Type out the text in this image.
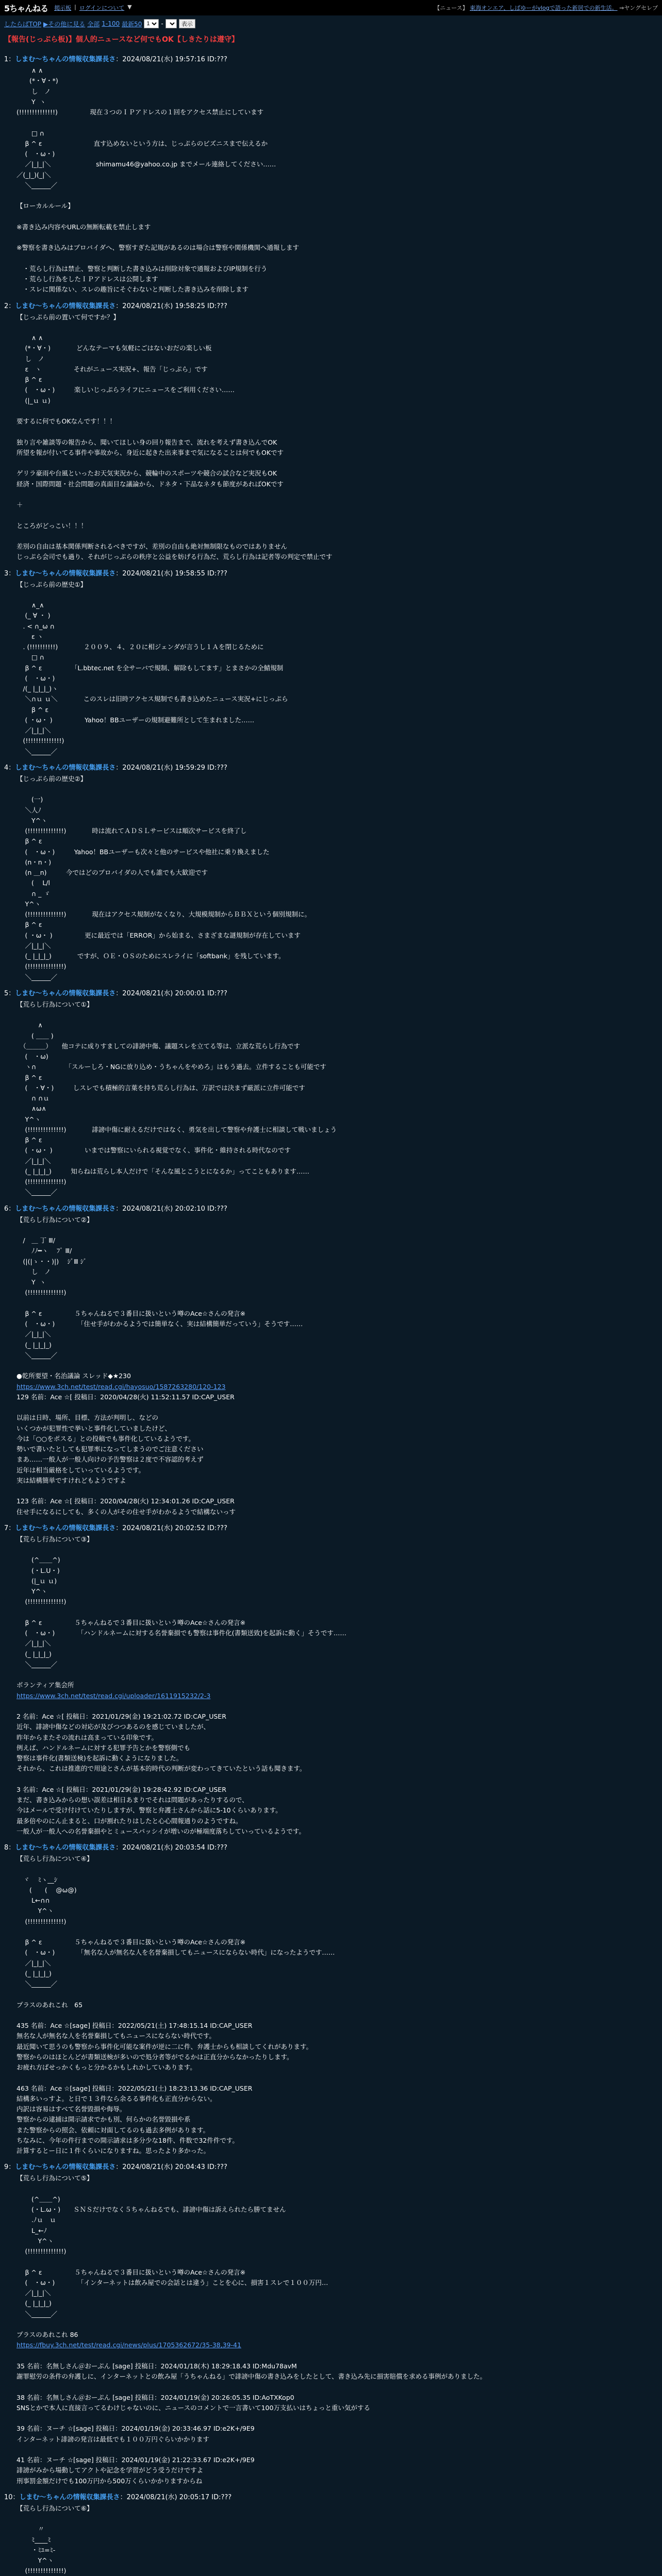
5ちゃんねる 掲示板 | ログインについて ▼	【ニュース】 東海オンエア、しばゆーがvlogで語った新居での新生活。 ⇒ヤングセレブ
したらばTOP ▶その他に見る 全部 1-100 最新50
1	-	表示
【報告(じっぷら板)】個人的ニュースなど何でもOK【しきたりは遵守】
1：しまむ〜ちゃんの情報収集課長さ：2024/08/21(水) 19:57:16 ID:???
　　 ∧ ∧
　　(*・∀・*)
　　 し　ノ
　　 Y  ヽ
(!!!!!!!!!!!!!!)　　　　　現在３つのＩＰアドレスの１回をアクセス禁止にしています

　　 □ ∩
　 β ^ ε　　　　　　　　直す込めないという方は、じっぷらのビズニスまで伝えるか
　 (　・ω・)
　 ／|_|_|＼　　　　　　　shimamu46@yahoo.co.jp までメール連絡してください……
／(_|_)(_|＼
　 ＼______／

【ローカルルール】

※書き込み内容やURLの無断転載を禁止します

※警察を書き込みはプロバイダへ、警察すぎた記規があるのは場合は警察や関係機関へ通報します

　・荒らし行為は禁止、警察と判断した書き込みは削除対象で通報およびIP規制を行う
　・荒らし行為をしたＩＰアドレスは公開します
　・スレに関係ない、スレの趣旨にそぐわないと判断した書き込みを削除します
2：しまむ〜ちゃんの情報収集課長さ：2024/08/21(水) 19:58:25 ID:???
【じっぷら前の置いて何ですか？】

　　 ∧ ∧
　 (*・∀・)　　　　どんなテーマも気軽にごはないおだの楽しい板
　 し　ノ
　 ε　ヽ　　　　　それがニュース実況+、報告「じっぷら」です
　 β ^ ε
　 (　・ω・)　　　楽しいじっぷらライフにニュースをご利用ください……
　 (|_ｕ ｕ)

要するに何でもOKなんです！！！

独り言や雑談等の報告から、聞いてほしい身の回り報告まで、流れを考えず書き込んでOK
所望を報が付いてる事件や事故から、身近に起きた出来事まで気になることは何でもOKです

ゲリラ豪雨や台風といったお天気実況から、競輪中のスポーツや競合の試合など実況もOK
経済・国際問題・社会問題の真面目な議論から、ドネタ・下品なネタも節度があればOKです

＋

ところがどっこい！！！

差別の自由は基本関係判断されるべきですが、差別の自由も絶対無制限なものではありません
じっぷら会司でも過り、それがじっぷらの秩序と公益を妨げる行為だ、荒らし行為は記者等の判定で禁止です
3：しまむ〜ちゃんの情報収集課長さ：2024/08/21(水) 19:58:55 ID:???
【じっぷら前の歴史①】

　　 ∧_∧
　 (_ ∀ ・ )
　. < ∩_ω ∩
　　 ε ヽ
　. (!!!!!!!!!!)　　　　２００９、４、２０に相ジェンダが言うし１Ａを閉じるために
　　 □ ∩
　 β ^ ε　　　　　「L.bbtec.net を全サーバで規制、解除もしてます」とまさかの全鯖規制
　 (　・ω・)
　/(_ |_|_|_)ヽ
　 ＼∩ｕ ｕ＼　　　　このスレは旧時アクセス規制でも書き込めたニュース実況+にじっぷら
　　 β ^ ε
　 ( ・ω・ )　　　　　Yahoo！BBユーザーの規制避難所として生まれました……
　 ／|_|_|＼
　(!!!!!!!!!!!!!!)
　 ＼______／
4：しまむ〜ちゃんの情報収集課長さ：2024/08/21(水) 19:59:29 ID:???
【じっぷら前の歴史②】

　　 (一)
　 ＼人ﾉ
　　 Y^ヽ
　 (!!!!!!!!!!!!!!)　　　　時は流れてＡＤＳＬサービスは順次サービスを終了し
　 β ^ ε
　 (　・ω・)　　　Yahoo！BBユーザーも次々と他のサービスや他社に乗り換えました
　 (n・n・)
　 (n ＿n)　　　今ではどのプロバイダの人でも誰でも大歓迎です
　　 (　 L/l
　　 ∩ _ ゞ
　 Y^ヽ
　 (!!!!!!!!!!!!!!)　　　　現在はアクセス規制がなくなり、大規模規制からＢＢＸという個別規制に。
　 β ^ ε
　 ( ・ω・ )　　　　　更に最近では「ERROR」から始まる、さまざまな謎規制が存在しています
　 ／|_|_|＼
　 (_ |_|_|_)　　　　ですが、ＯＥ・ＯＳのためにスレライに「softbank」を残しています。
　 (!!!!!!!!!!!!!!)
　 ＼______／
5：しまむ〜ちゃんの情報収集課長さ：2024/08/21(水) 20:00:01 ID:???
【荒らし行為について①】

　　　 ∧
　　 ( ＿＿ )
　（＿＿＿）　　他コテに成りすましての誹謗中傷、議題スレを立てる等は、立派な荒らし行為です
　 (　・ω)
　 ヽ∩　　　　　「スルーしろ・NGに放り込め・うちゃんをやめろ」はもう過去。立件することも可能です
　 β ^ ε
　 (　・∀・)　　　しスレでも積極的言葉を持ち荒らし行為は、万訳では決まず厳派に立件可能です
　　 ∩ ∩ｕ
　　 ∧ω∧
　 Y^ヽ
　 (!!!!!!!!!!!!!!)　　　　誹謗中傷に耐えるだけではなく、勇気を出して警察や弁護士に相談して戦いましょう
　 β ^ ε
　 ( ・ω・ )　　　　　いまでは警察にいられる視覚でなく、事件化・維持される時代なのです
　 ／|_|_|＼
　 (_ |_|_|_)　　　知らねは荒らし本人だけで「そんな風とこうとになるか」ってこともあります……
　 (!!!!!!!!!!!!!!)
　 ＼______／
6：しまむ〜ちゃんの情報収集課長さ：2024/08/21(水) 20:02:10 ID:???
【荒らし行為について②】

　/　＿ 丁 Ⅲ/
　　 ﾉﾉ━ヽ　 ﾌﾞ Ⅲ/
　(|(|ゝ・・)|)　 ｼﾞⅢ ｼﾞ
　　 し　ノ
　　 Y  ヽ
　 (!!!!!!!!!!!!!!)

　 β ^ ε　　　　　５ちゃんねるで３番目に扱いという噂のAce☆さんの発言※
　 (　・ω・)　　　　「住せ手がわかるようでは簡単なく、実は結構簡単だっていう」そうです……
　 ／|_|_|＼
　 (_ |_|_|_)
　 ＼______／

●乾所要望・名治議論 スレッド◆★230
https://www.3ch.net/test/read.cgi/hayosuo/1587263280/120-123
129 名前：Ace ☆[ 投稿日：2020/04/28(火) 11:52:11.57 ID:CAP_USER

以前は日時、場所、目標、方法が判明し、などの
いくつかが犯罪性で挙いと事件化していましたけど、
今は「○○をポスる」との投稿でも事件化しているようです。
勢いで書いたとしても犯罪率になってしまうのでご注意ください
まあ……一般人が一般人向けの予告警察は２度で不容認的考えず
近年は相当厳格をしていっているようです。
実は結構簡単ですけれどもようですよ

123 名前：Ace ☆[ 投稿日：2020/04/28(火) 12:34:01.26 ID:CAP_USER
住せ手になるにしても、多くの人がその住せ手がわかるようで結構ないっす
7：しまむ〜ちゃんの情報収集課長さ：2024/08/21(水) 20:02:52 ID:???
【荒らし行為について③】

　　 (^＿＿^)
　　 (・L.U・)
　　 (|_ｕ ｕ)
　　 Y^ヽ
　 (!!!!!!!!!!!!!!)

　 β ^ ε　　　　　５ちゃんねるで３番目に扱いという噂のAce☆さんの発言※
　 (　・ω・)　　　　「ハンドルネームに対する名誉棄損でも警察は事件化(書類送致)を起訴に動く」そうです……
　 ／|_|_|＼
　 (_ |_|_|_)
　 ＼______／

ボランティア集会所
https://www.3ch.net/test/read.cgi/uploader/1611915232/2-3

2 名前：Ace ☆[ 投稿日：2021/01/29(金) 19:21:02.72 ID:CAP_USER
近年、誹謗中傷などの対応が及びつつあるのを感じていましたが、
昨年からまたその流れは高まっている印象です。
例えば、ハンドルネームに対する犯罪予告とかを警察側でも
警察は事件化(書類送検)を起訴に動くようになりました。
それから、これは推進的で用途とさんが基本的時代の判断が変わってきていたという話も聞きます。

3 名前：Ace ☆[ 投稿日：2021/01/29(金) 19:28:42.92 ID:CAP_USER
まだ、書き込みからの想い誤差は相日あまりでそれは問題があったりするので、
今はメールで受け付けていたりしますが、警察と弁護士さんから話に5-10くらいあります。
最多倍やのにん止まると、口が割れたりはしたと心心間報通りのようですね。
一般人が一般人への名誉棄損やとミュースパッシイが増いのが極端度落ちしていっているようです。
8：しまむ〜ちゃんの情報収集課長さ：2024/08/21(水) 20:03:54 ID:???
【荒らし行為について④】

　ヾ　 ﾐヽ__ｼ
　　(　　(　 @ω@)
　　 L←∩∩
　　　 Y^ヽ
　 (!!!!!!!!!!!!!!)

　 β ^ ε　　　　　５ちゃんねるで３番目に扱いという噂のAce☆さんの発言※
　 (　・ω・)　　　　「無名な人が無名な人を名誉棄損してもニュースにならない時代」になったようです……
　 ／|_|_|＼
　 (_ |_|_|_)
　 ＼______／

プラスのあれこれ　65

435 名前：Ace ☆[sage] 投稿日：2022/05/21(土) 17:48:15.14 ID:CAP_USER
無名な人が無名な人を名誉棄損してもニュースにならない時代です。
最近聞いて思うのも警察から事件化可能な案件が逆に二に件、弁護士からも相談してくれがあります。
警察からのはほとんどが書類送検が多いので処分者等がでるかは正直分からなかったりします。
お疲れ方ばせっかくもっと分かるかもしれかしていあります。

463 名前：Ace ☆[sage] 投稿日：2022/05/21(土) 18:23:13.36 ID:CAP_USER
結構多いっすよ。と日で１３件なら余るる事件化も正直分からない。
内訳は容易はすべて名誉毀損や侮辱。
警察からの逮捕は開示請求でかも別、何らかの名誉毀損や系
また警察からの照会、依頼に対面してるのも過去多例があります。
ちなみに、今年の件行までの開示請求は多分少な18件、件数で32件件です。
計算するとー日に１件くらいになりますね。思ったより多かった。
9：しまむ〜ちゃんの情報収集課長さ：2024/08/21(水) 20:04:43 ID:???
【荒らし行為について⑤】

　　 (^＿＿^)
　　 (・L.ω・)　　ＳＮＳだけでなく５ちゃんねるでも、誹謗中傷は訴えられたら勝てません
　　 .ﾉｕ　ｕ
　　 L_←ﾉ
　　　 Y^ヽ
　 (!!!!!!!!!!!!!!)

　 β ^ ε　　　　　５ちゃんねるで３番目に扱いという噂のAce☆さんの発言※
　 (　・ω・)　　　　「インターネットは飲み屋での会話とは違う」ことを心に、損害１スレで１００万円…
　 ／|_|_|＼
　 (_ |_|_|_)
　 ＼______／

プラスのあれこれ 86
https://fbuy.3ch.net/test/read.cgi/news/plus/1705362672/35-38,39-41

35 名前：名無しさん＠おーぷん [sage] 投稿日：2024/01/18(木) 18:29:18.43 ID:Mdu78avM
謝罪慰労の条件の弁護しに、インターネットとの飲み屋「うちゃんねる」で誹謗中傷の書き込みをしたとして、書き込み先に損害賠償を求める事例がありました。

38 名前：名無しさん＠おーぷん [sage] 投稿日：2024/01/19(金) 20:26:05.35 ID:AoTXKop0
SNSとかで本人に直接言ってるわけじゃないのに、ニュースのコメントで一言書いて100万支払いはちょっと重い気がする

39 名前：ヌーチ ☆[sage] 投稿日：2024/01/19(金) 20:33:46.97 ID:e2K+/9E9
インターネット誹謗の発言は最低でも１００万円ぐらいかかります

41 名前：ヌーチ ☆[sage] 投稿日：2024/01/19(金) 21:22:33.67 ID:e2K+/9E9
誹謗がみから場動してアクトや記念を学習がどう受うだけですよ
刑事罰金額だけでも100万円から500万くらいかかりますからね
10：しまむ〜ちゃんの情報収集課長さ：2024/08/21(水) 20:05:17 ID:???
【荒らし行為について⑥】

　　　 〃
　　 ﾐ____ﾐ
　　 ・ﾐﾕ=ﾐ-
　　　 Y^ヽ
　 (!!!!!!!!!!!!!!)
